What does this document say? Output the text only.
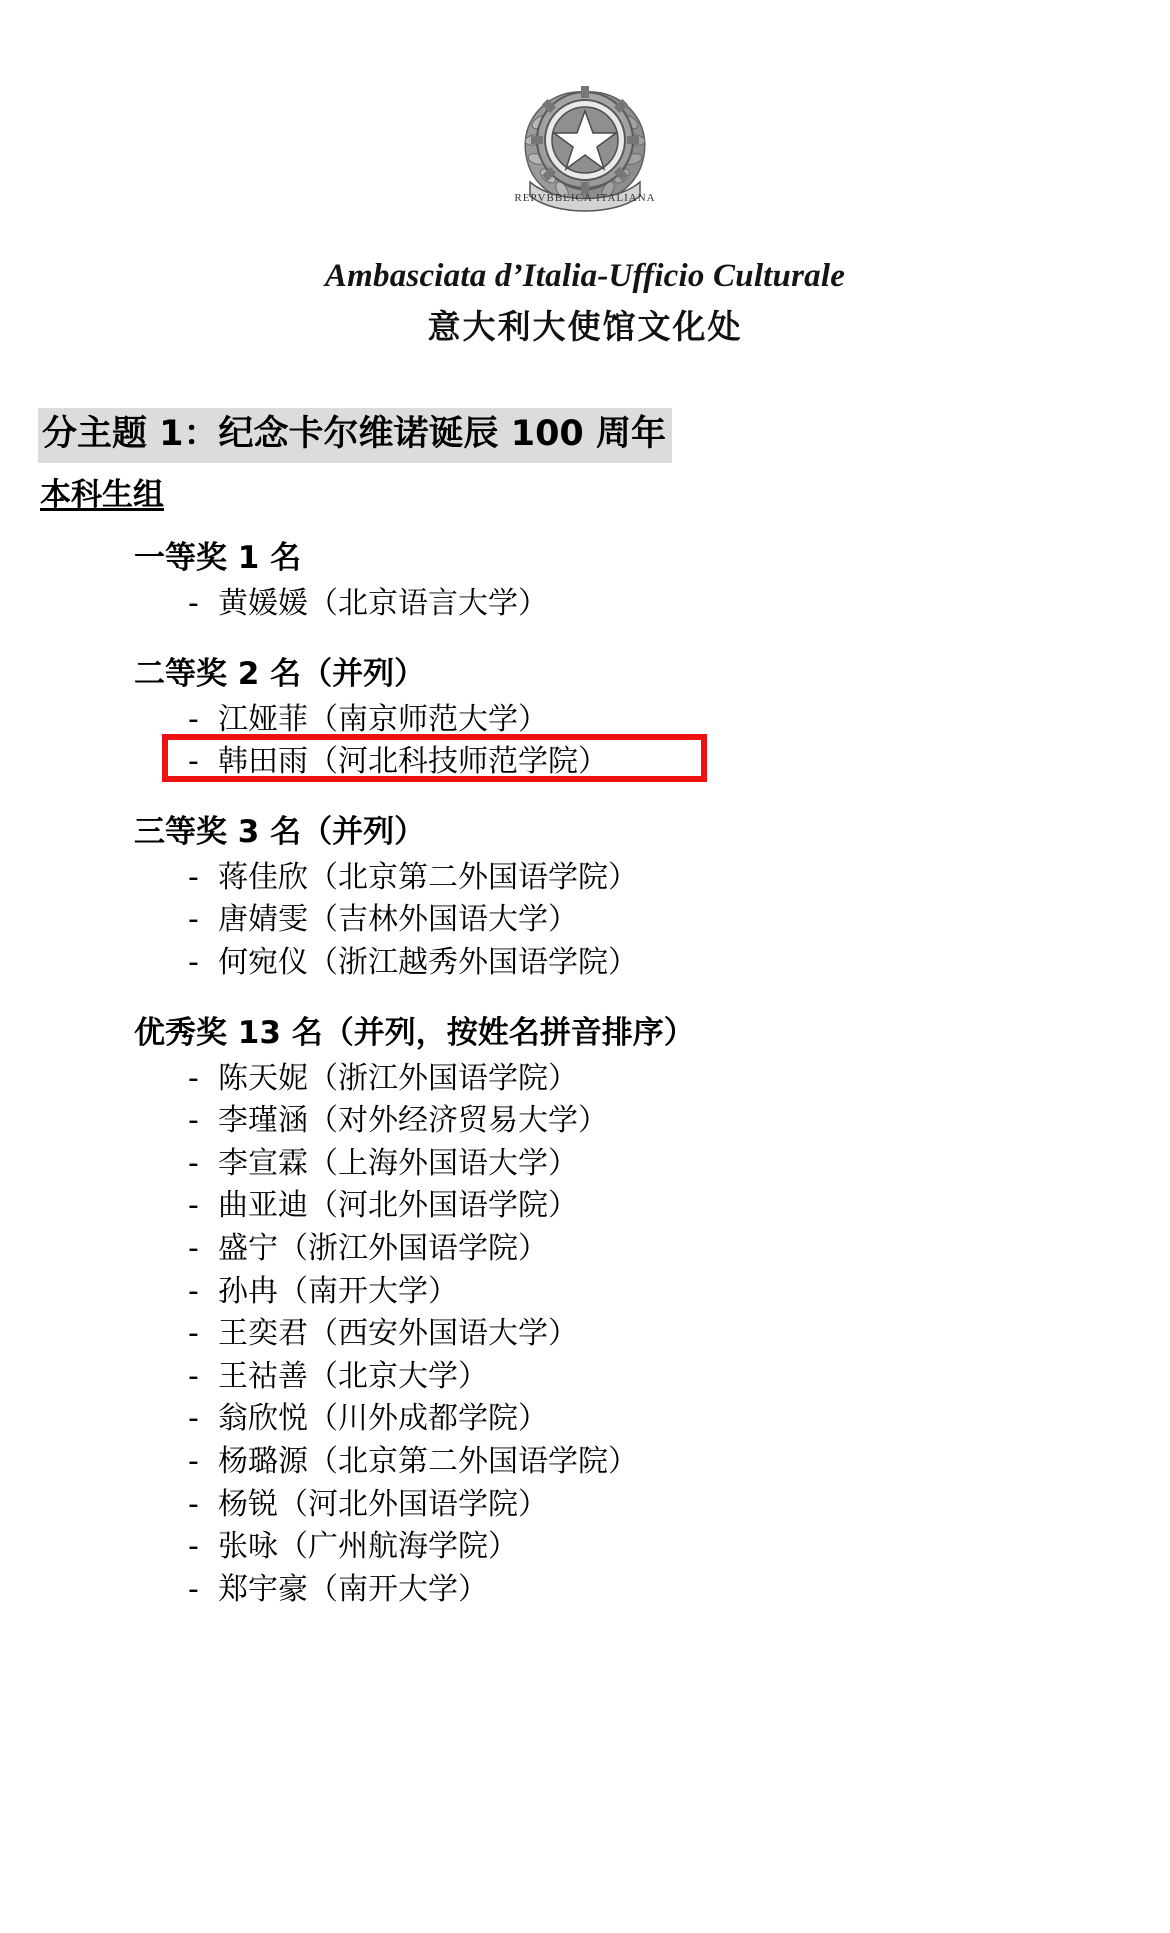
REPVBBLICA ITALIANA
Ambasciata d’Italia-Ufficio Culturale
意大利大使馆文化处
分主题 1：纪念卡尔维诺诞辰 100 周年
本科生组
一等奖 1 名
- 黄媛媛（北京语言大学）
二等奖 2 名（并列）
- 江娅菲（南京师范大学）
- 韩田雨（河北科技师范学院）
三等奖 3 名（并列）
- 蒋佳欣（北京第二外国语学院）
- 唐婧雯（吉林外国语大学）
- 何宛仪（浙江越秀外国语学院）
优秀奖 13 名（并列，按姓名拼音排序）
- 陈天妮（浙江外国语学院）
- 李瑾涵（对外经济贸易大学）
- 李宣霖（上海外国语大学）
- 曲亚迪（河北外国语学院）
- 盛宁（浙江外国语学院）
- 孙冉（南开大学）
- 王奕君（西安外国语大学）
- 王祜善（北京大学）
- 翁欣悦（川外成都学院）
- 杨璐源（北京第二外国语学院）
- 杨锐（河北外国语学院）
- 张咏（广州航海学院）
- 郑宇豪（南开大学）
